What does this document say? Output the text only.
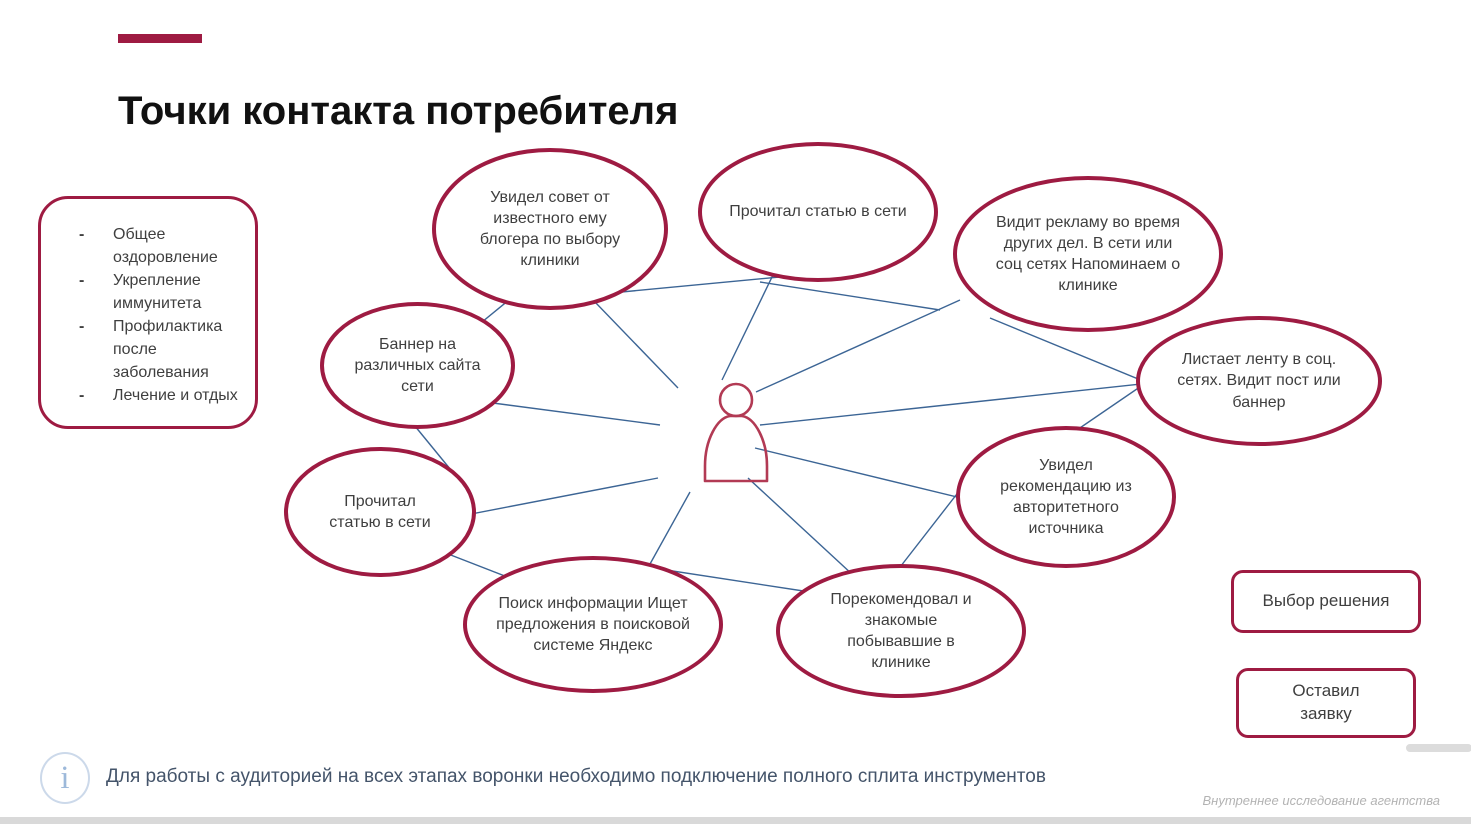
Точки контакта потребителя
- Общее оздоровление
- Укрепление иммунитета
- Профилактика после заболевания
- Лечение и отдых
Увидел совет от известного ему блогера по выбору клиники
Прочитал статью в сети
Видит рекламу во время других дел. В сети или соц сетях Напоминаем о клинике
Листает ленту в соц. сетях. Видит пост или баннер
Баннер на различных сайта сети
Прочитал статью в сети
Увидел рекомендацию из авторитетного источника
Поиск информации Ищет предложения в поисковой системе Яндекс
Порекомендовал и знакомые побывавшие в клинике
Выбор решения
Оставил заявку
i	Для работы с аудиторией на всех этапах воронки необходимо подключение полного сплита инструментов
Внутреннее исследование агентства
